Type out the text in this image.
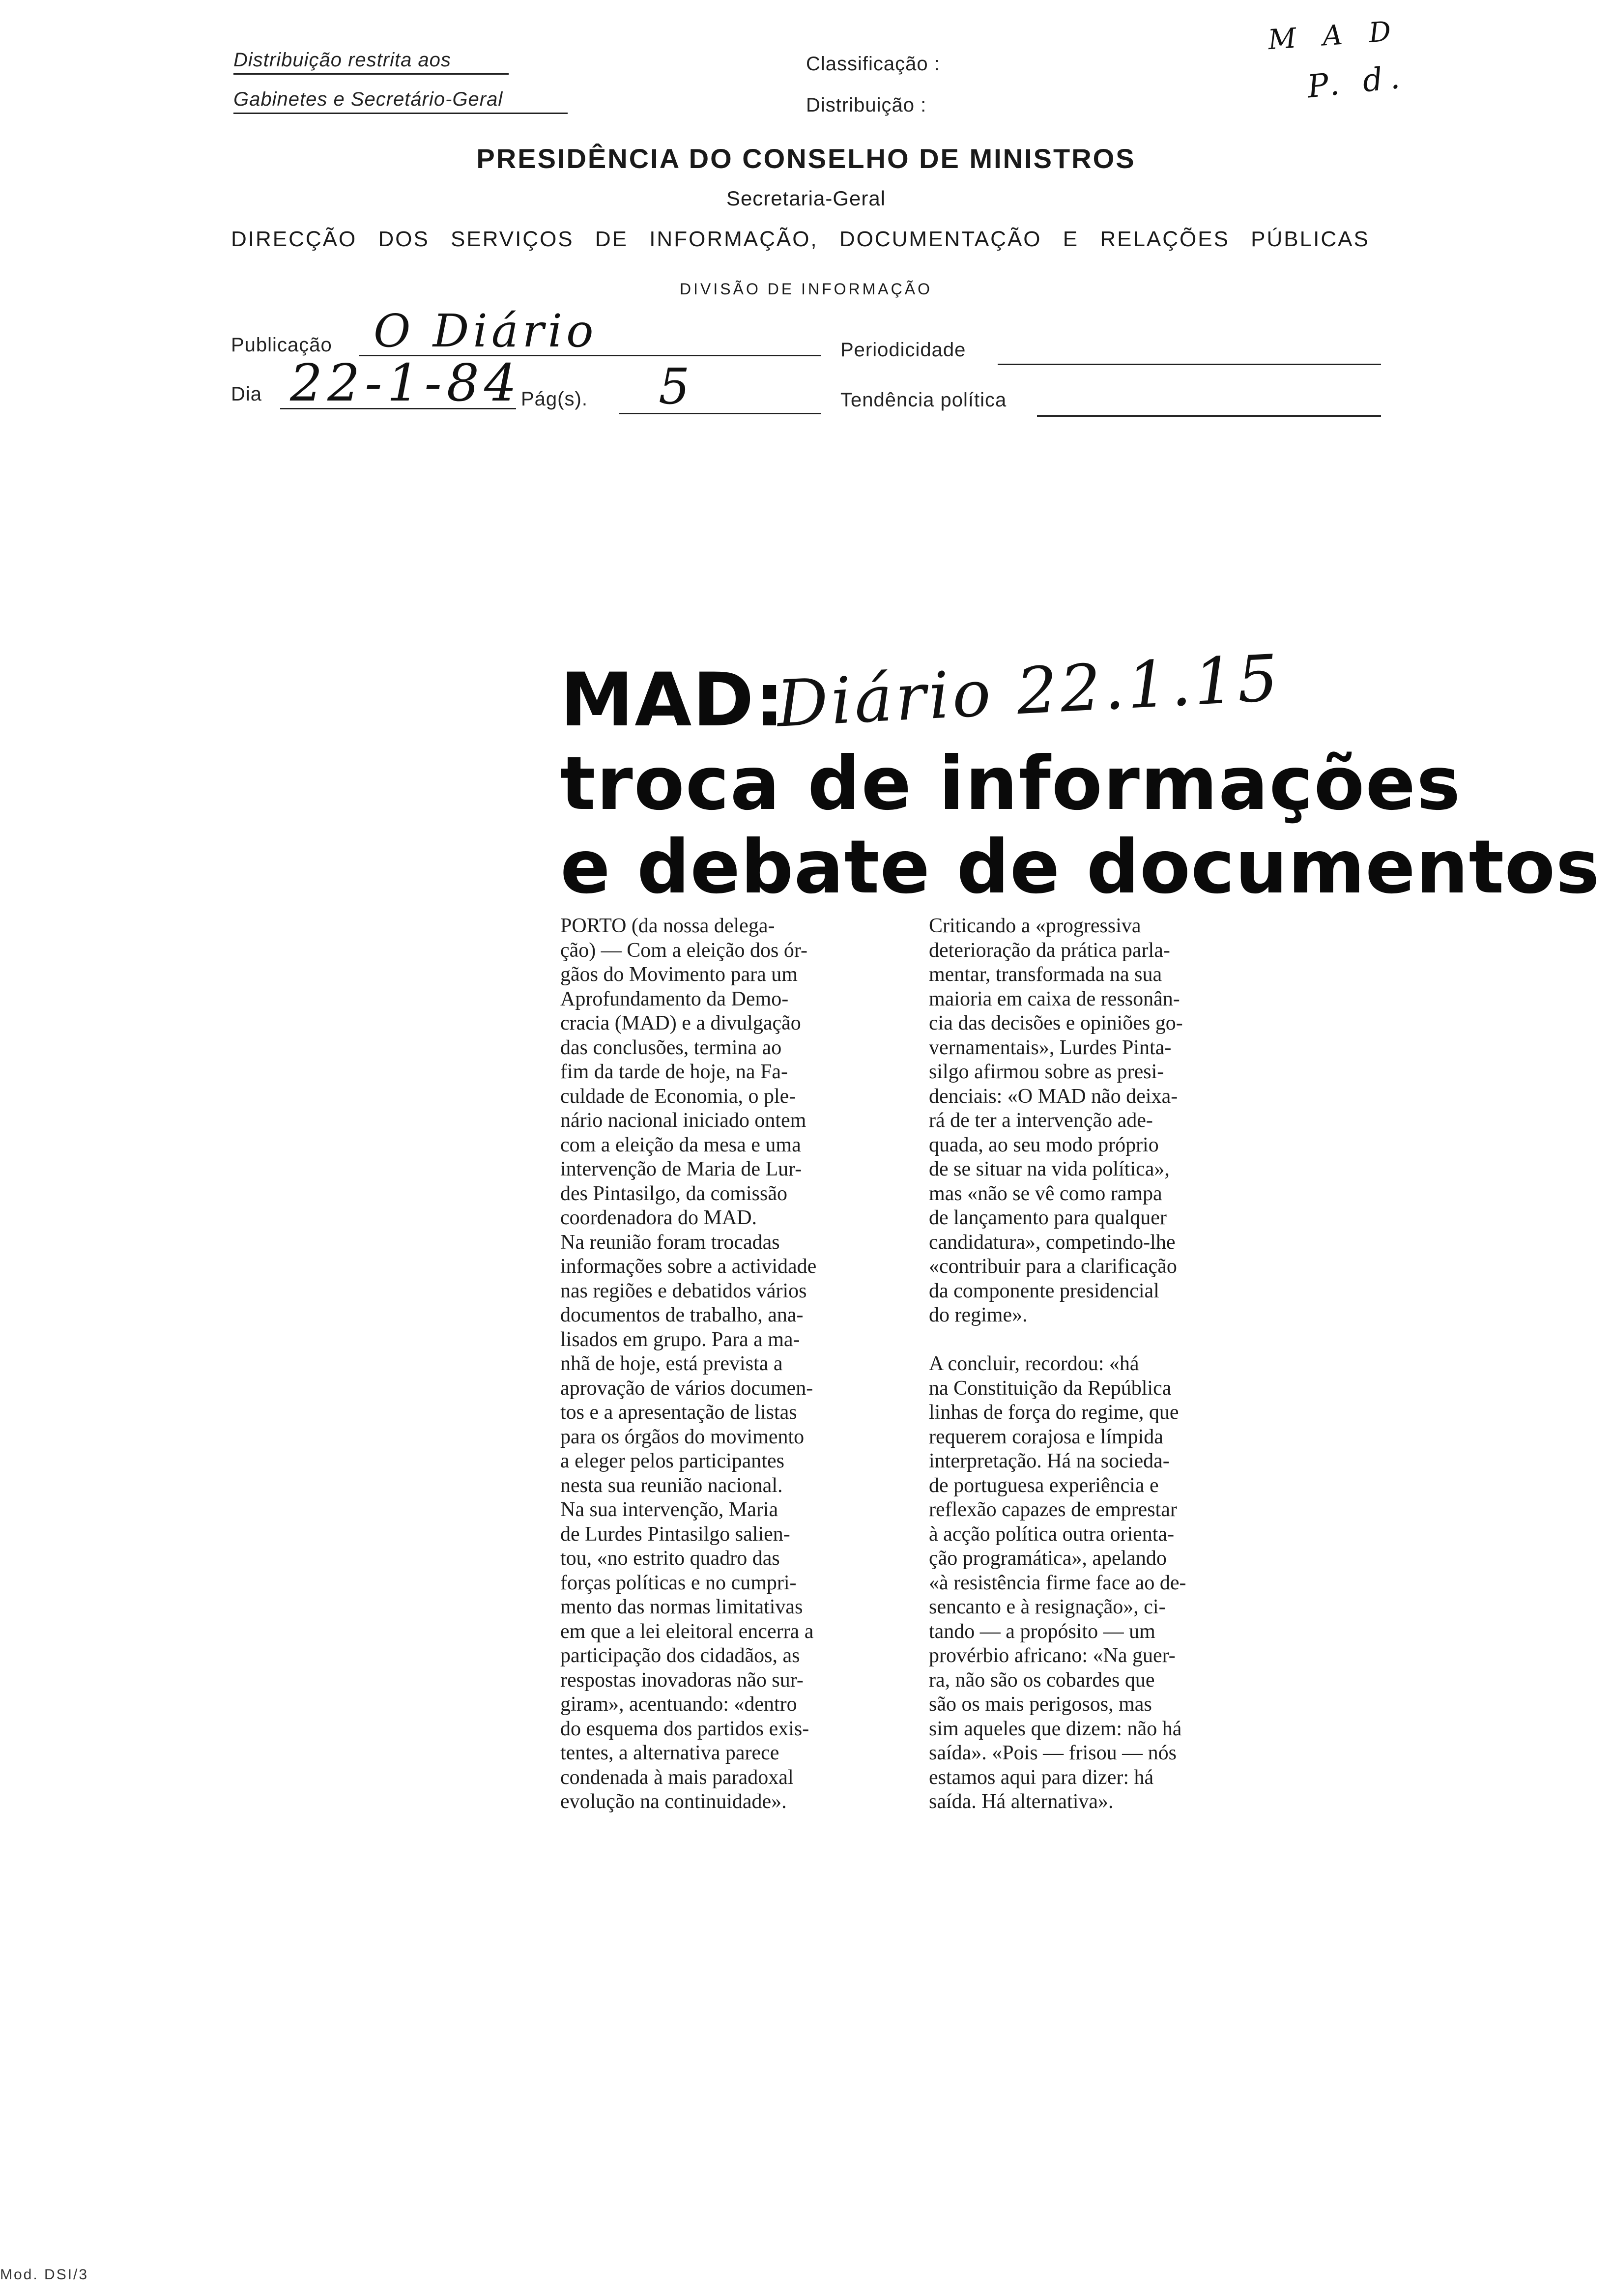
Distribuição restrita aos
Gabinetes e Secretário-Geral
Classificação :
Distribuição :
M A D
P. d.
PRESIDÊNCIA DO CONSELHO DE MINISTROS
Secretaria-Geral
DIRECÇÃO DOS SERVIÇOS DE INFORMAÇÃO, DOCUMENTAÇÃO E RELAÇÕES PÚBLICAS
DIVISÃO DE INFORMAÇÃO
Publicação O Diário	Periodicidade
Dia 22-1-84
Pág(s). 5	Tendência política
MAD:
Diário 22.1.15
troca de informações
e debate de documentos

PORTO (da nossa delega-

ção) — Com a eleição dos ór-

gãos do Movimento para um

Aprofundamento da Demo-

cracia (MAD) e a divulgação

das conclusões, termina ao

fim da tarde de hoje, na Fa-

culdade de Economia, o ple-

nário nacional iniciado ontem

com a eleição da mesa e uma

intervenção de Maria de Lur-

des Pintasilgo, da comissão

coordenadora do MAD.

Na reunião foram trocadas

informações sobre a actividade

nas regiões e debatidos vários

documentos de trabalho, ana-

lisados em grupo. Para a ma-

nhã de hoje, está prevista a

aprovação de vários documen-

tos e a apresentação de listas

para os órgãos do movimento

a eleger pelos participantes

nesta sua reunião nacional.

Na sua intervenção, Maria

de Lurdes Pintasilgo salien-

tou, «no estrito quadro das

forças políticas e no cumpri-

mento das normas limitativas

em que a lei eleitoral encerra a

participação dos cidadãos, as

respostas inovadoras não sur-

giram», acentuando: «dentro

do esquema dos partidos exis-

tentes, a alternativa parece

condenada à mais paradoxal

evolução na continuidade».

Criticando a «progressiva

deterioração da prática parla-

mentar, transformada na sua

maioria em caixa de ressonân-

cia das decisões e opiniões go-

vernamentais», Lurdes Pinta-

silgo afirmou sobre as presi-

denciais: «O MAD não deixa-

rá de ter a intervenção ade-

quada, ao seu modo próprio

de se situar na vida política»,

mas «não se vê como rampa

de lançamento para qualquer

candidatura», competindo-lhe

«contribuir para a clarificação

da componente presidencial

do regime».

A concluir, recordou: «há

na Constituição da República

linhas de força do regime, que

requerem corajosa e límpida

interpretação. Há na socieda-

de portuguesa experiência e

reflexão capazes de emprestar

à acção política outra orienta-

ção programática», apelando

«à resistência firme face ao de-

sencanto e à resignação», ci-

tando — a propósito — um

provérbio africano: «Na guer-

ra, não são os cobardes que

são os mais perigosos, mas

sim aqueles que dizem: não há

saída». «Pois — frisou — nós

estamos aqui para dizer: há

saída. Há alternativa».

Mod. DSI/3
